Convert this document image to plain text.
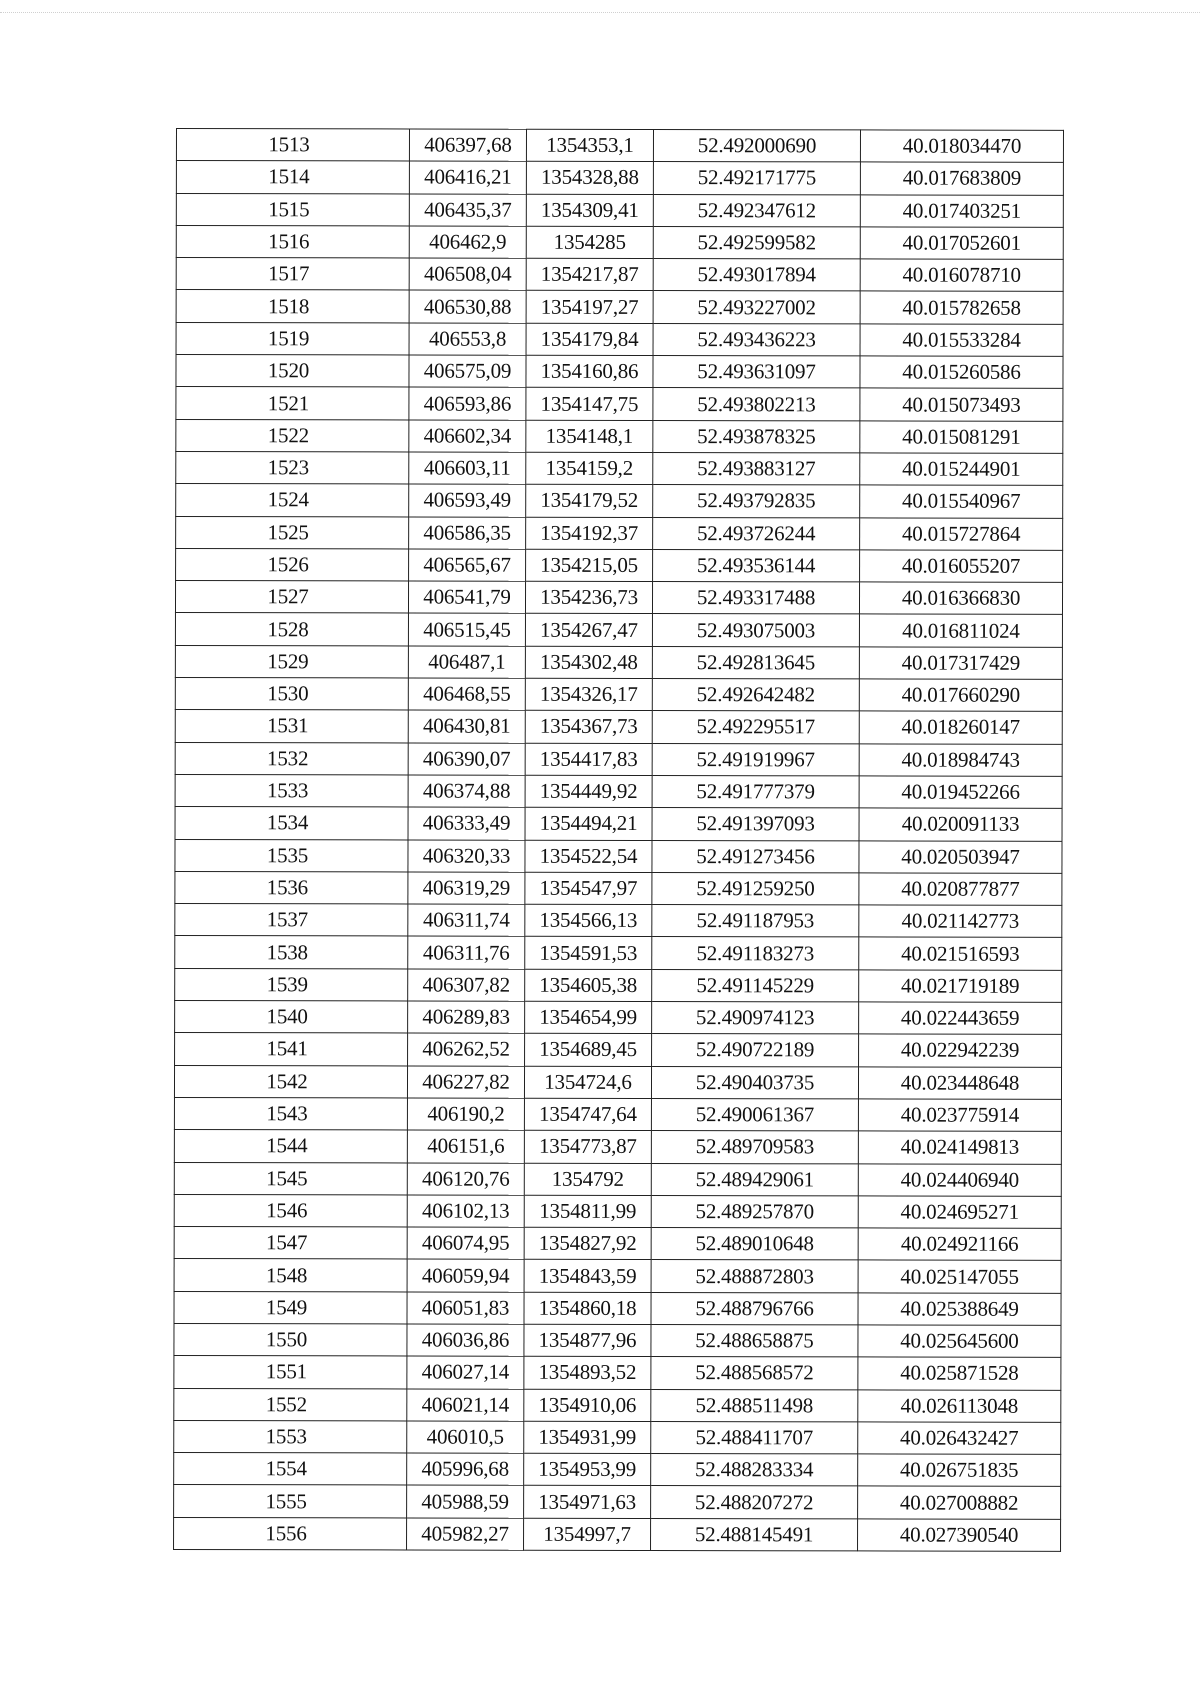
1513	406397,68	1354353,1	52.492000690	40.018034470
1514	406416,21	1354328,88	52.492171775	40.017683809
1515	406435,37	1354309,41	52.492347612	40.017403251
1516	406462,9	1354285	52.492599582	40.017052601
1517	406508,04	1354217,87	52.493017894	40.016078710
1518	406530,88	1354197,27	52.493227002	40.015782658
1519	406553,8	1354179,84	52.493436223	40.015533284
1520	406575,09	1354160,86	52.493631097	40.015260586
1521	406593,86	1354147,75	52.493802213	40.015073493
1522	406602,34	1354148,1	52.493878325	40.015081291
1523	406603,11	1354159,2	52.493883127	40.015244901
1524	406593,49	1354179,52	52.493792835	40.015540967
1525	406586,35	1354192,37	52.493726244	40.015727864
1526	406565,67	1354215,05	52.493536144	40.016055207
1527	406541,79	1354236,73	52.493317488	40.016366830
1528	406515,45	1354267,47	52.493075003	40.016811024
1529	406487,1	1354302,48	52.492813645	40.017317429
1530	406468,55	1354326,17	52.492642482	40.017660290
1531	406430,81	1354367,73	52.492295517	40.018260147
1532	406390,07	1354417,83	52.491919967	40.018984743
1533	406374,88	1354449,92	52.491777379	40.019452266
1534	406333,49	1354494,21	52.491397093	40.020091133
1535	406320,33	1354522,54	52.491273456	40.020503947
1536	406319,29	1354547,97	52.491259250	40.020877877
1537	406311,74	1354566,13	52.491187953	40.021142773
1538	406311,76	1354591,53	52.491183273	40.021516593
1539	406307,82	1354605,38	52.491145229	40.021719189
1540	406289,83	1354654,99	52.490974123	40.022443659
1541	406262,52	1354689,45	52.490722189	40.022942239
1542	406227,82	1354724,6	52.490403735	40.023448648
1543	406190,2	1354747,64	52.490061367	40.023775914
1544	406151,6	1354773,87	52.489709583	40.024149813
1545	406120,76	1354792	52.489429061	40.024406940
1546	406102,13	1354811,99	52.489257870	40.024695271
1547	406074,95	1354827,92	52.489010648	40.024921166
1548	406059,94	1354843,59	52.488872803	40.025147055
1549	406051,83	1354860,18	52.488796766	40.025388649
1550	406036,86	1354877,96	52.488658875	40.025645600
1551	406027,14	1354893,52	52.488568572	40.025871528
1552	406021,14	1354910,06	52.488511498	40.026113048
1553	406010,5	1354931,99	52.488411707	40.026432427
1554	405996,68	1354953,99	52.488283334	40.026751835
1555	405988,59	1354971,63	52.488207272	40.027008882
1556	405982,27	1354997,7	52.488145491	40.027390540
